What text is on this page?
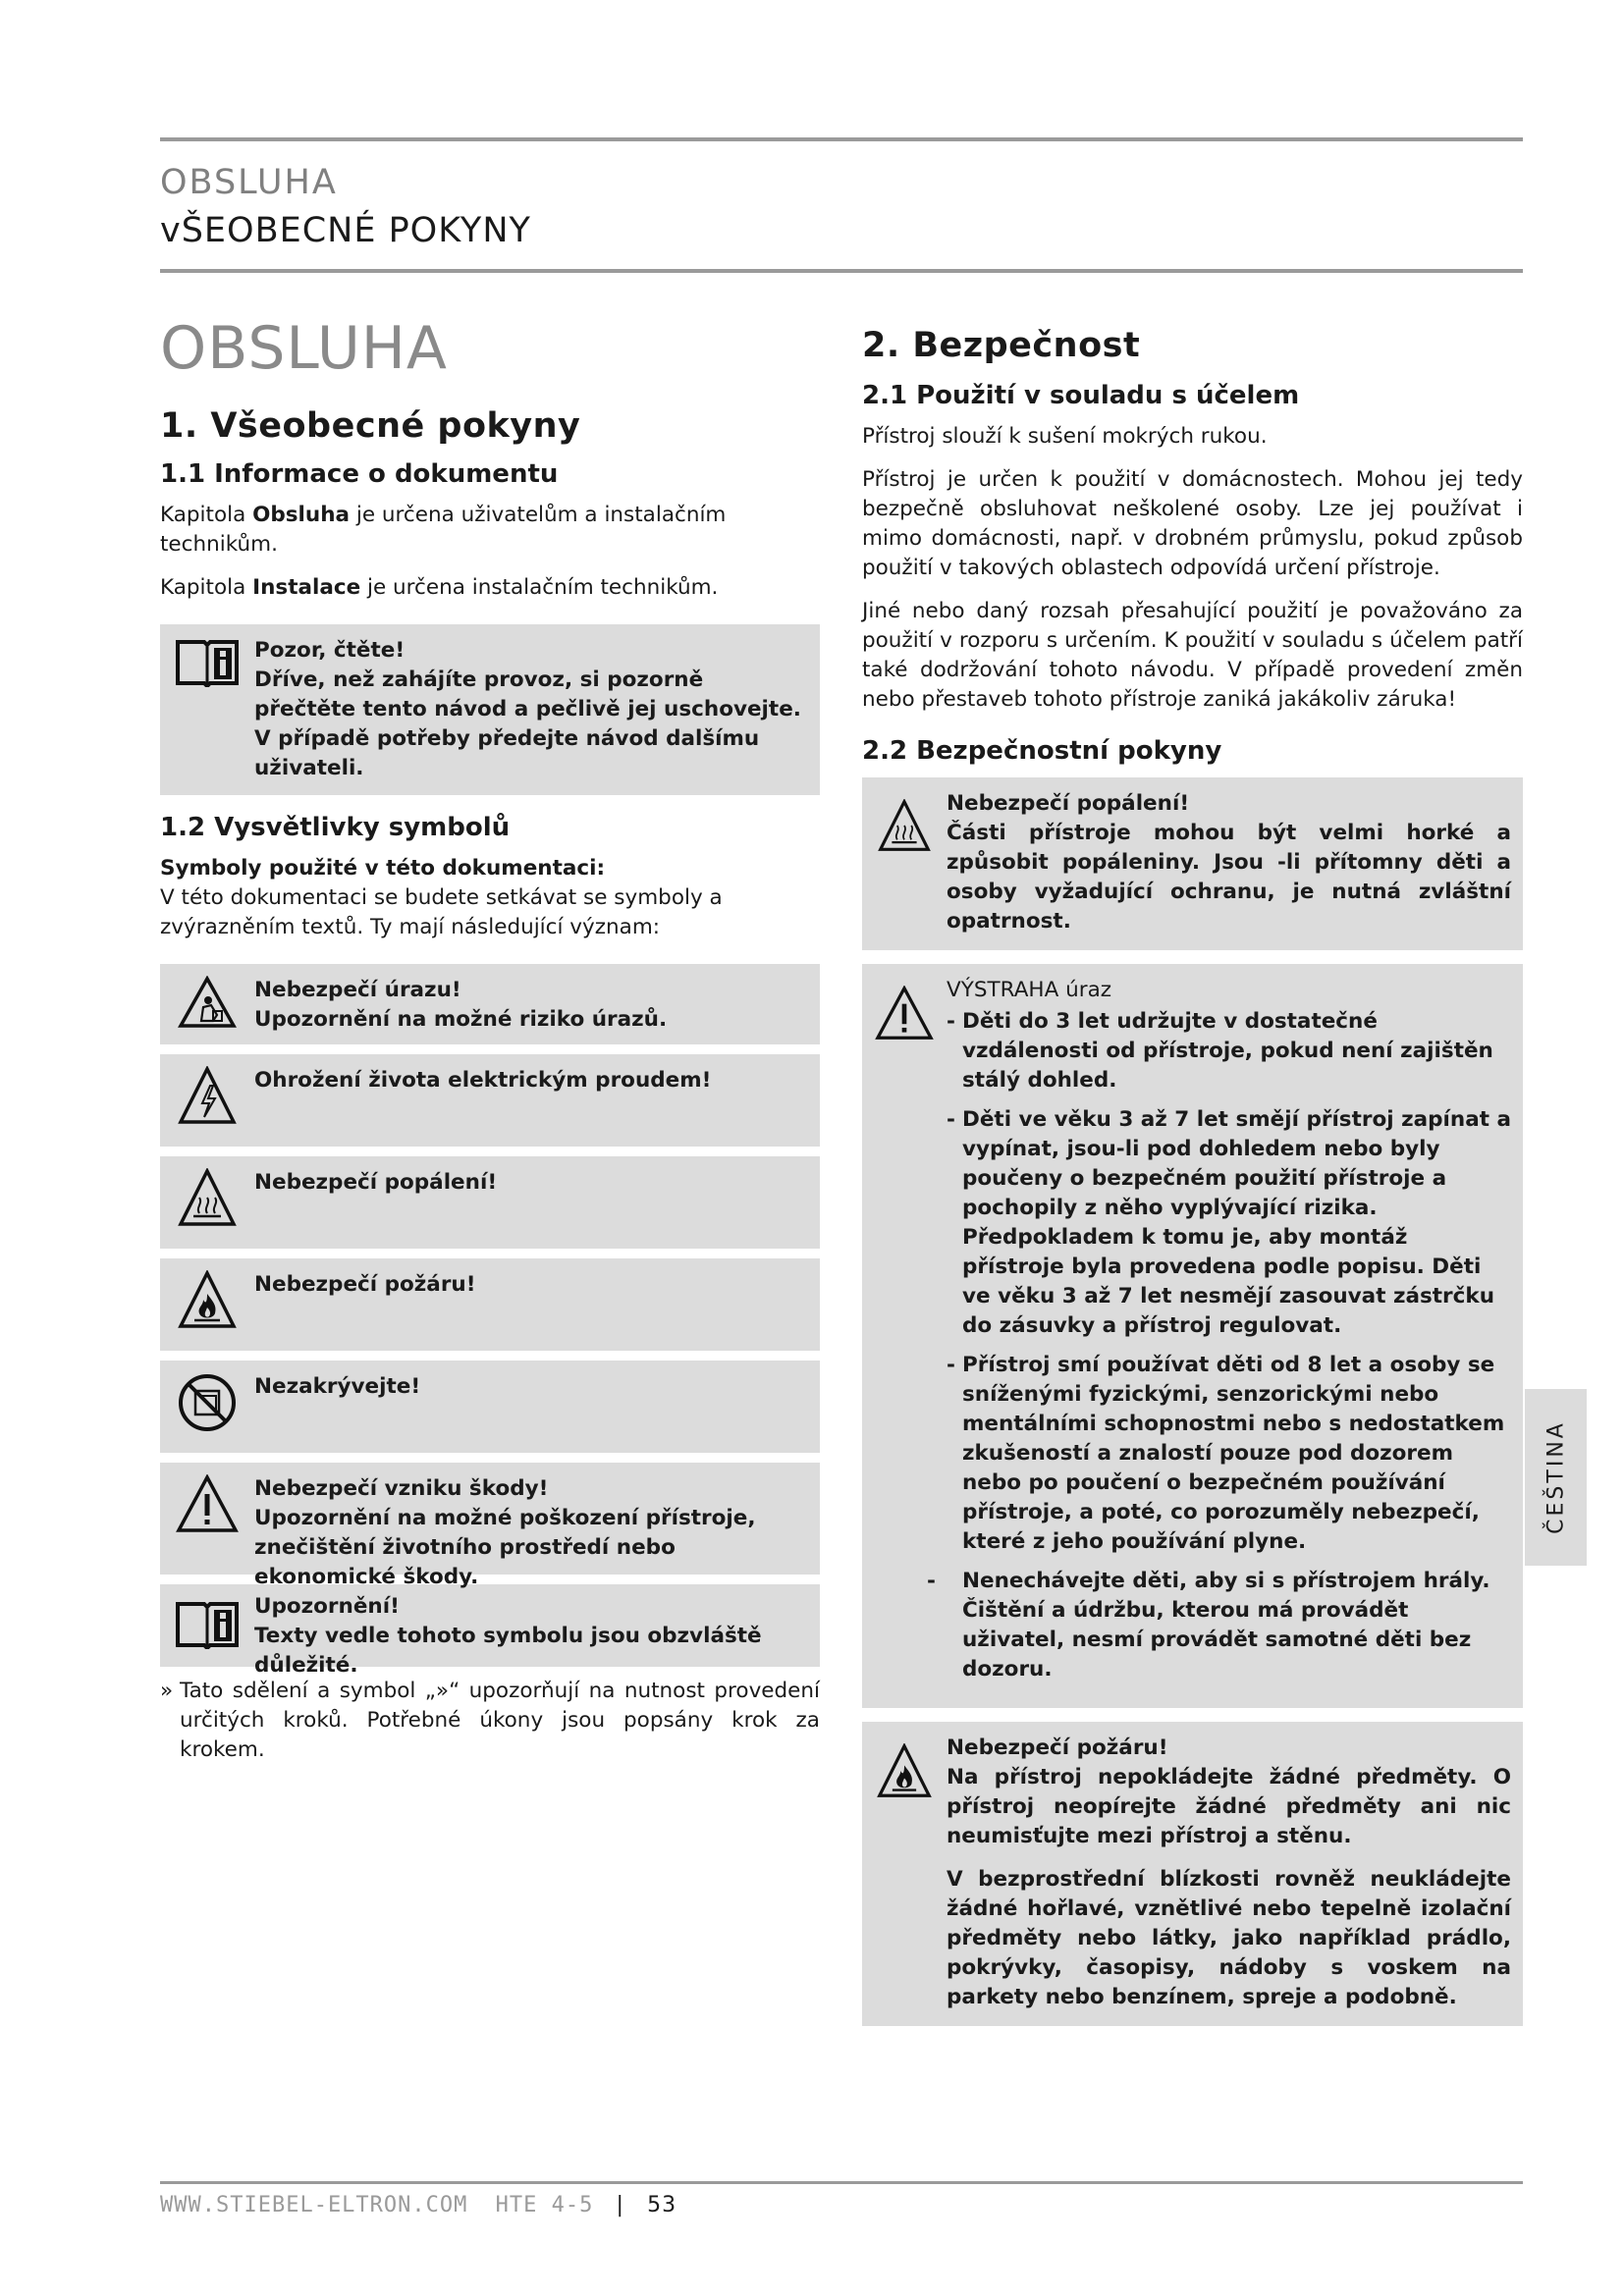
OBSLUHA
vŠEOBECNÉ POKYNY
OBSLUHA
1. Všeobecné pokyny
1.1 Informace o dokumentu

Kapitola Obsluha je určena uživatelům a instalačním technikům.

Kapitola Instalace je určena instalačním technikům.

Pozor, čtěte!
Dříve, než zahájíte provoz, si pozorně přečtěte tento návod a pečlivě jej uschovejte. V případě potřeby předejte návod dalšímu uživateli.
1.2 Vysvětlivky symbolů
Symboly použité v této dokumentaci:

V této dokumentaci se budete setkávat se symboly a zvýrazněním textů. Ty mají následující význam:

Nebezpečí úrazu!
Upozornění na možné riziko úrazů.
Ohrožení života elektrickým proudem!
Nebezpečí popálení!
Nebezpečí požáru!
Nezakrývejte!
Nebezpečí vzniku škody!
Upozornění na možné poškození přístroje, znečištění životního prostředí nebo ekonomické škody.
Upozornění!
Texty vedle tohoto symbolu jsou obzvláště důležité.
» Tato sdělení a symbol „»“ upozorňují na nutnost provedení určitých kroků. Potřebné úkony jsou popsány krok za krokem.
2. Bezpečnost
2.1 Použití v souladu s účelem

Přístroj slouží k sušení mokrých rukou.

Přístroj je určen k použití v domácnostech. Mohou jej tedy bezpečně obsluhovat neškolené osoby. Lze jej používat i mimo domácnosti, např. v drobném průmyslu, pokud způsob použití v takových oblastech odpovídá určení přístroje.

Jiné nebo daný rozsah přesahující použití je považováno za použití v rozporu s určením. K použití v souladu s účelem patří také dodržování tohoto návodu. V případě provedení změn nebo přestaveb tohoto přístroje zaniká jakákoliv záruka!

2.2 Bezpečnostní pokyny
Nebezpečí popálení!
Části přístroje mohou být velmi horké a způsobit popáleniny. Jsou -li přítomny děti a osoby vyžadující ochranu, je nutná zvláštní opatrnost.
VÝSTRAHA úraz
- Děti do 3 let udržujte v dostatečné vzdálenosti od přístroje, pokud není zajištěn stálý dohled.
- Děti ve věku 3 až 7 let smějí přístroj zapínat a vypínat, jsou-li pod dohledem nebo byly poučeny o bezpečném použití přístroje a pochopily z něho vyplývající rizika. Předpokladem k tomu je, aby montáž přístroje byla provedena podle popisu. Děti ve věku 3 až 7 let nesmějí zasouvat zástrčku do zásuvky a přístroj regulovat.
- Přístroj smí používat děti od 8 let a osoby se sníženými fyzickými, senzorickými nebo mentálními schopnostmi nebo s nedostatkem zkušeností a znalostí pouze pod dozorem nebo po poučení o bezpečném používání přístroje, a poté, co porozuměly nebezpečí, které z jeho používání plyne.
- Nenechávejte děti, aby si s přístrojem hrály. Čištění a údržbu, kterou má provádět uživatel, nesmí provádět samotné děti bez dozoru.
Nebezpečí požáru!
Na přístroj nepokládejte žádné předměty. O přístroj neopírejte žádné předměty ani nic neumisťujte mezi přístroj a stěnu.
V bezprostřední blízkosti rovněž neukládejte žádné hořlavé, vznětlivé nebo tepelně izolační předměty nebo látky, jako například prádlo, pokrývky, časopisy, nádoby s voskem na parkety nebo benzínem, spreje a podobně.
ČEŠTINA
WWW.STIEBEL-ELTRON.COM HTE 4-5 | 53
